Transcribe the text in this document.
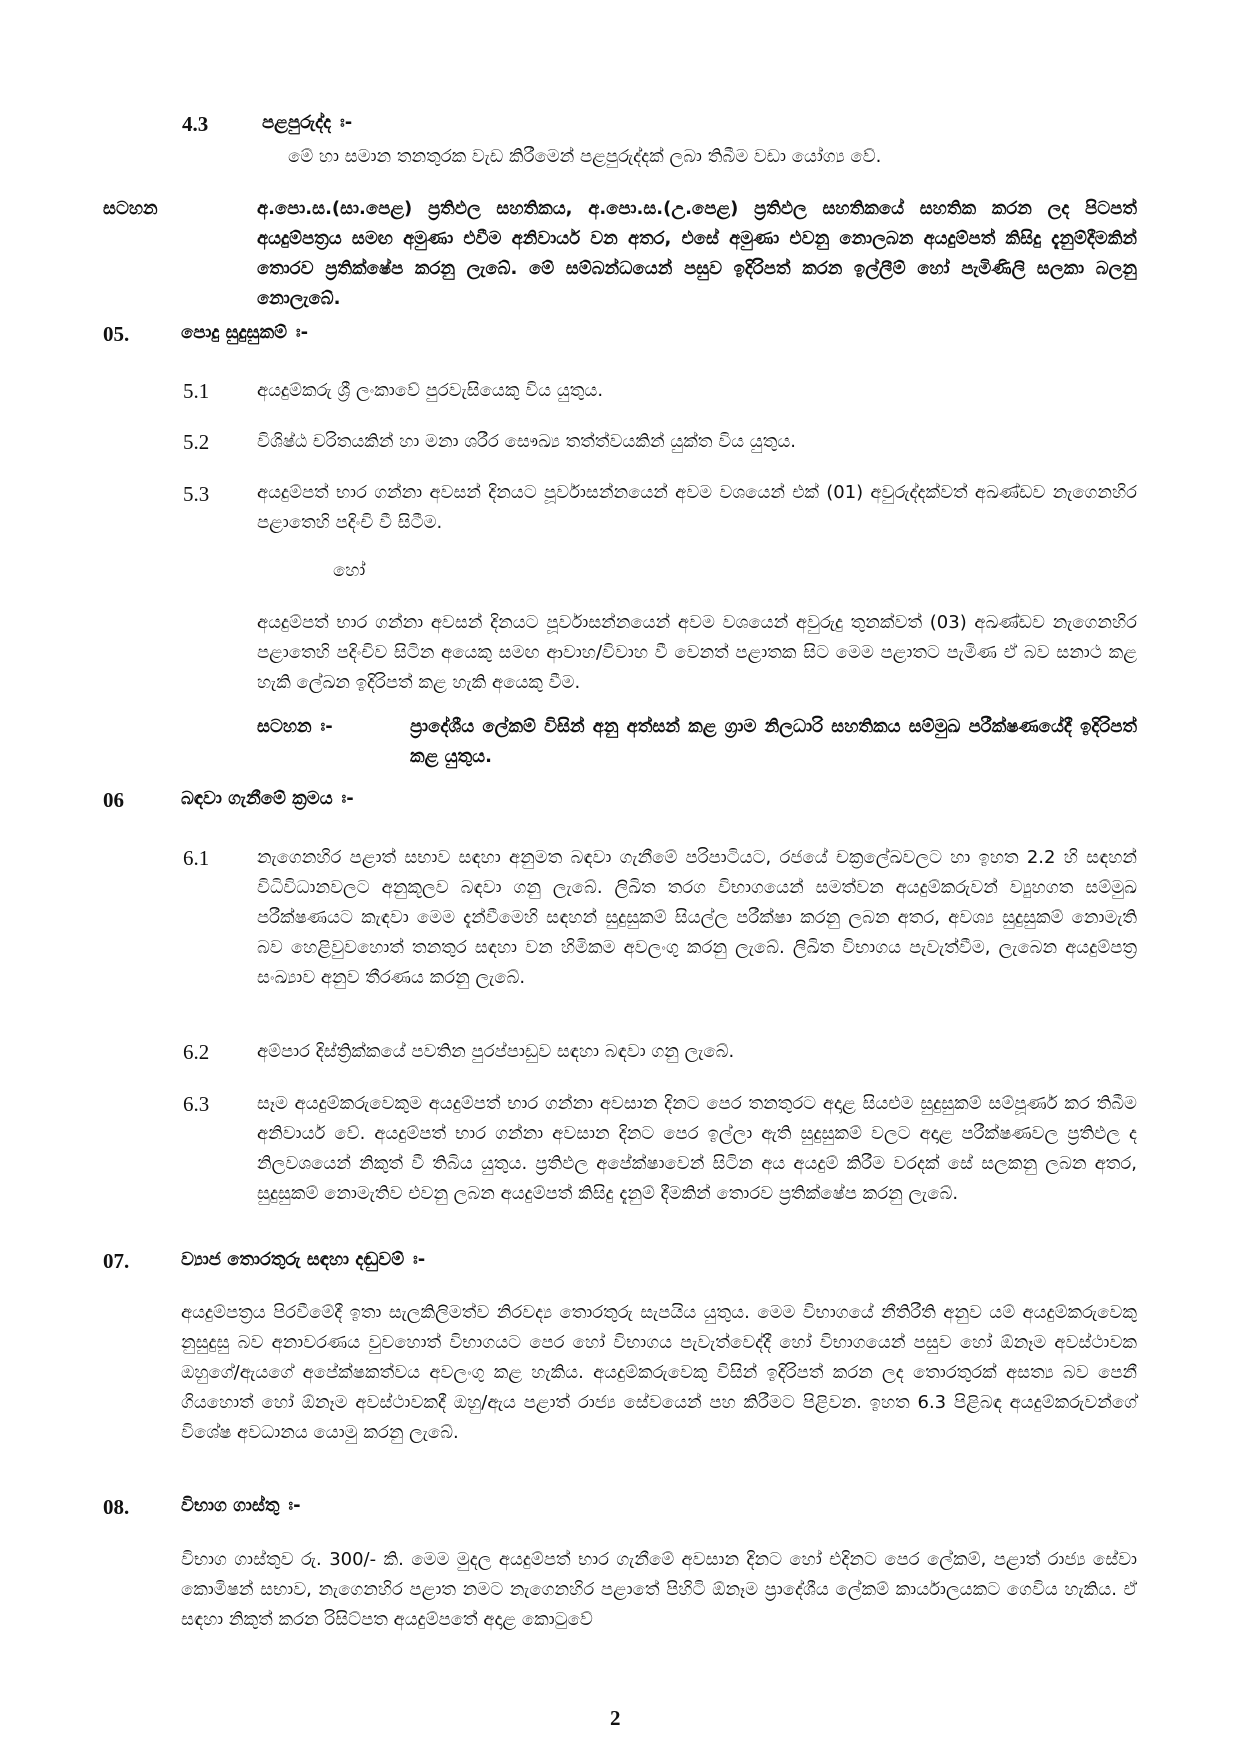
4.3	පළපුරුද්ද ඃ-
මේ හා සමාන තනතුරක වැඩ කිරීමෙන් පළපුරුද්දක් ලබා තිබීම වඩා යෝග්‍ය වේ.
සටහන	අ.පො.ස.(සා.පෙළ) ප්‍රතිඵල සහතිකය, අ.පො.ස.(උ.පෙළ) ප්‍රතිඵල සහතිකයේ සහතික කරන ලද පිටපත් අයදුම්පත්‍රය සමඟ අමුණා එවීම අනිවාර්ය වන අතර, එසේ අමුණා එවනු නොලබන අයදුම්පත් කිසිදු දැනුම්දීමකින් තොරව ප්‍රතික්ෂේප කරනු ලැබේ. මේ සම්බන්ධයෙන් පසුව ඉදිරිපත් කරන ඉල්ලීම් හෝ පැමිණිලි සලකා බලනු නොලැබේ.
05.	පොදු සුදුසුකම් ඃ-
5.1	අයදුම්කරු ශ්‍රී ලංකාවේ පුරවැසියෙකු විය යුතුය.
5.2	විශිෂ්ඨ චරිතයකින් හා මනා ශරීර සෞඛ්‍ය තත්ත්වයකින් යුක්ත විය යුතුය.
5.3	අයදුම්පත් භාර ගන්නා අවසන් දිනයට පූර්වාසන්නයෙන් අවම වශයෙන් එක් (01) අවුරුද්දක්වත් අඛණ්ඩව නැගෙනහිර පළාතෙහි පදිංචි වී සිටීම.
හෝ
අයදුම්පත් භාර ගන්නා අවසන් දිනයට පූර්වාසන්නයෙන් අවම වශයෙන් අවුරුදු තුනක්වත් (03) අඛණ්ඩව නැගෙනහිර පළාතෙහි පදිංචිව සිටින අයෙකු සමඟ ආවාහ/විවාහ වී වෙනත් පළාතක සිට මෙම පළාතට පැමිණ ඒ බව සනාථ කළ හැකි ලේඛන ඉදිරිපත් කළ හැකි අයෙකු වීම.
සටහන ඃ-	ප්‍රාදේශීය ලේකම් විසින් අනු අත්සන් කළ ග්‍රාම නිලධාරි සහතිකය සම්මුඛ පරීක්ෂණයේදී ඉදිරිපත් කළ යුතුය.
06	බඳවා ගැනීමේ ක්‍රමය ඃ-
6.1	නැගෙනහිර පළාත් සභාව සඳහා අනුමත බඳවා ගැනීමේ පරිපාටියට, රජයේ චක්‍රලේඛවලට හා ඉහත 2.2 හි සඳහන් විධිවිධානවලට අනුකූලව බඳවා ගනු ලැබේ. ලිඛිත තරග විභාගයෙන් සමත්වන අයදුම්කරුවන් ව්‍යුහගත සම්මුඛ පරීක්ෂණයට කැඳවා මෙම දැන්වීමෙහි සඳහන් සුදුසුකම් සියල්ල පරීක්ෂා කරනු ලබන අතර, අවශ්‍ය සුදුසුකම් නොමැති බව හෙළිවුවහොත් තනතුර සඳහා වන හිමිකම අවලංගු කරනු ලැබේ. ලිඛිත විභාගය පැවැත්වීම, ලැබෙන අයදුම්පත්‍ර සංඛ්‍යාව අනුව තීරණය කරනු ලැබේ.
6.2	අම්පාර දිස්ත්‍රික්කයේ පවතින පුරප්පාඩුව සඳහා බඳවා ගනු ලැබේ.
6.3	සෑම අයදුම්කරුවෙකුම අයදුම්පත් භාර ගන්නා අවසාන දිනට පෙර තනතුරට අදාළ සියළුම සුදුසුකම් සම්පූර්ණ කර තිබීම අනිවාර්ය වේ. අයදුම්පත් භාර ගන්නා අවසාන දිනට පෙර ඉල්ලා ඇති සුදුසුකම් වලට අදාළ පරීක්ෂණවල ප්‍රතිඵල ද නිලවශයෙන් නිකුත් වී තිබිය යුතුය. ප්‍රතිඵල අපේක්ෂාවෙන් සිටින අය අයදුම් කිරීම වරදක් සේ සලකනු ලබන අතර, සුදුසුකම් නොමැතිව එවනු ලබන අයදුම්පත් කිසිදු දැනුම් දීමකින් තොරව ප්‍රතික්ෂේප කරනු ලැබේ.
07.	ව්‍යාජ තොරතුරු සඳහා දඬුවම් ඃ-
අයදුම්පත්‍රය පිරවීමේදී ඉතා සැලකිලිමත්ව නිරවද්‍ය තොරතුරු සැපයිය යුතුය. මෙම විභාගයේ නීතිරීති අනුව යම් අයදුම්කරුවෙකු නුසුදුසු බව අනාවරණය වුවහොත් විභාගයට පෙර හෝ විභාගය පැවැත්වෙද්දී හෝ විභාගයෙන් පසුව හෝ ඕනෑම අවස්ථාවක ඔහුගේ/ඇයගේ අපේක්ෂකත්වය අවලංගු කළ හැකිය. අයදුම්කරුවෙකු විසින් ඉදිරිපත් කරන ලද තොරතුරක් අසත්‍ය බව පෙනී ගියහොත් හෝ ඕනෑම අවස්ථාවකදී ඔහු/ඇය පළාත් රාජ්‍ය සේවයෙන් පහ කිරීමට පිළිවන. ඉහත 6.3 පිළිබඳ අයදුම්කරුවන්ගේ විශේෂ අවධානය යොමු කරනු ලැබේ.
08.	විභාග ගාස්තු ඃ-
විභාග ගාස්තුව රු. 300/- කි. මෙම මුදල අයදුම්පත් භාර ගැනීමේ අවසාන දිනට හෝ එදිනට පෙර ලේකම්, පළාත් රාජ්‍ය සේවා කොමිෂන් සභාව, නැගෙනහිර පළාත නමට නැගෙනහිර පළාතේ පිහිටි ඕනෑම ප්‍රාදේශීය ලේකම් කාර්යාලයකට ගෙවිය හැකිය. ඒ සඳහා නිකුත් කරන රිසිට්පත අයදුම්පතේ අදාළ කොටුවේ
2
